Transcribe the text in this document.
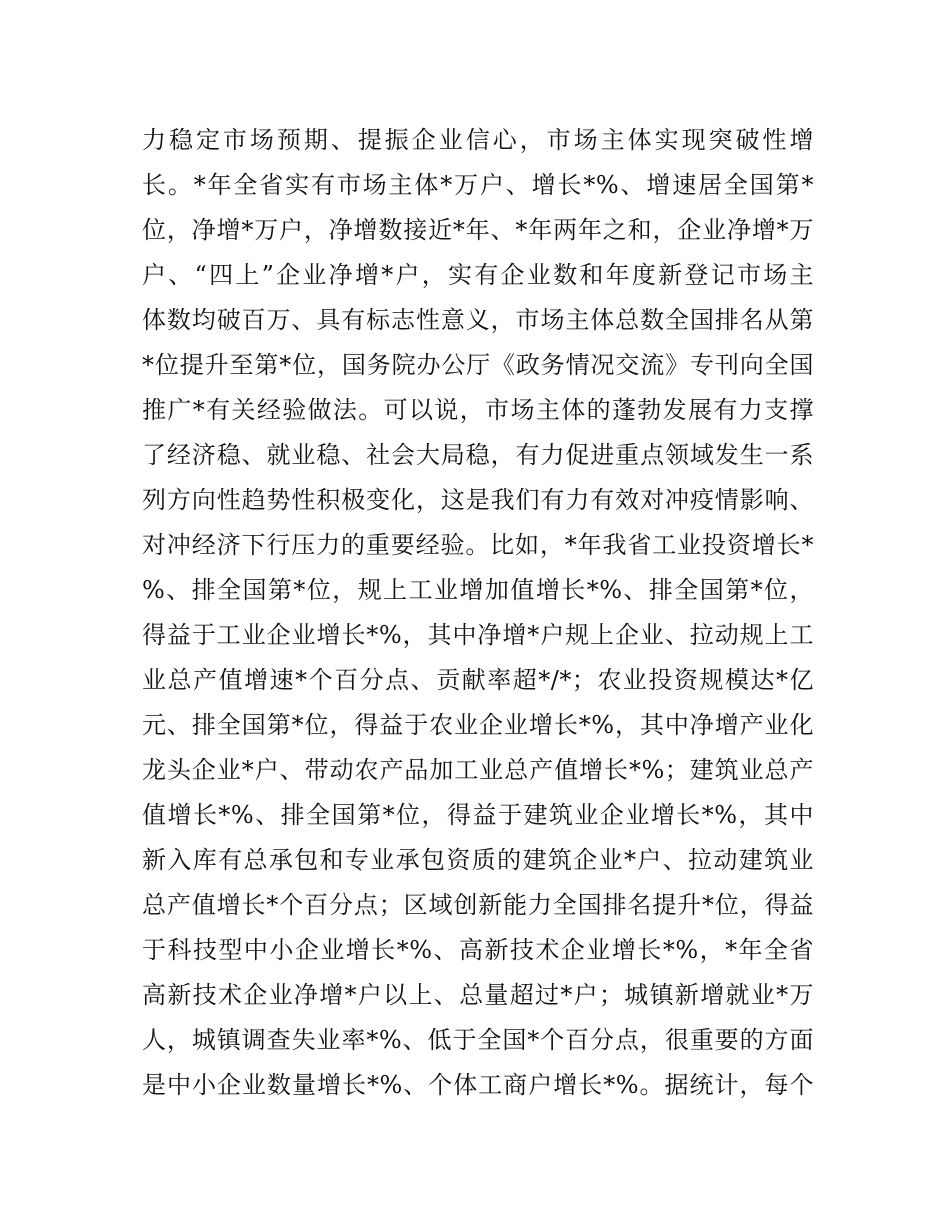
力稳定市场预期、提振企业信心，市场主体实现突破性增
长。*年全省实有市场主体*万户、增长*%、增速居全国第*
位，净增*万户，净增数接近*年、*年两年之和，企业净增*万
户、“四上”企业净增*户，实有企业数和年度新登记市场主
体数均破百万、具有标志性意义，市场主体总数全国排名从第
*位提升至第*位，国务院办公厅《政务情况交流》专刊向全国
推广*有关经验做法。可以说，市场主体的蓬勃发展有力支撑
了经济稳、就业稳、社会大局稳，有力促进重点领域发生一系
列方向性趋势性积极变化，这是我们有力有效对冲疫情影响、
对冲经济下行压力的重要经验。比如，*年我省工业投资增长*
%、排全国第*位，规上工业增加值增长*%、排全国第*位，
得益于工业企业增长*%，其中净增*户规上企业、拉动规上工
业总产值增速*个百分点、贡献率超*/*；农业投资规模达*亿
元、排全国第*位，得益于农业企业增长*%，其中净增产业化
龙头企业*户、带动农产品加工业总产值增长*%；建筑业总产
值增长*%、排全国第*位，得益于建筑业企业增长*%，其中
新入库有总承包和专业承包资质的建筑企业*户、拉动建筑业
总产值增长*个百分点；区域创新能力全国排名提升*位，得益
于科技型中小企业增长*%、高新技术企业增长*%，*年全省
高新技术企业净增*户以上、总量超过*户；城镇新增就业*万
人，城镇调查失业率*%、低于全国*个百分点，很重要的方面
是中小企业数量增长*%、个体工商户增长*%。据统计，每个
